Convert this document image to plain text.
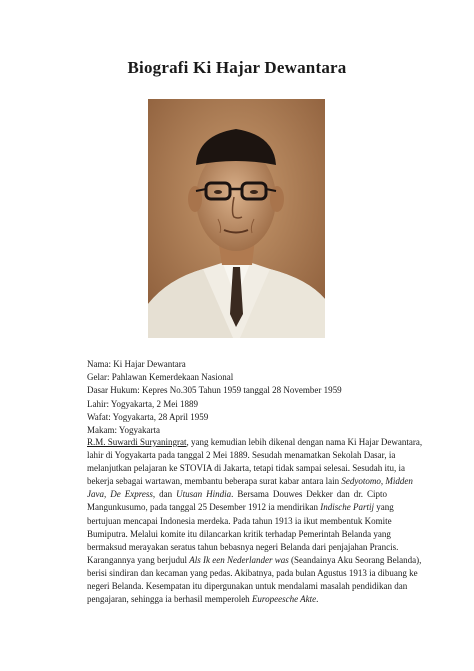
Biografi Ki Hajar Dewantara
Nama: Ki Hajar Dewantara
Gelar: Pahlawan Kemerdekaan Nasional
Dasar Hukum: Kepres No.305 Tahun 1959 tanggal 28 November 1959
Lahir: Yogyakarta, 2 Mei 1889
Wafat: Yogyakarta, 28 April 1959
Makam: Yogyakarta
R.M. Suwardi Suryaningrat, yang kemudian lebih dikenal dengan nama Ki Hajar Dewantara,
lahir di Yogyakarta pada tanggal 2 Mei 1889. Sesudah menamatkan Sekolah Dasar, ia
melanjutkan pelajaran ke STOVIA di Jakarta, tetapi tidak sampai selesai. Sesudah itu, ia
bekerja sebagai wartawan, membantu beberapa surat kabar antara lain Sedyotomo, Midden
Java, De Express, dan Utusan Hindia. Bersama Douwes Dekker dan dr. Cipto
Mangunkusumo, pada tanggal 25 Desember 1912 ia mendirikan Indische Partij yang
bertujuan mencapai Indonesia merdeka. Pada tahun 1913 ia ikut membentuk Komite
Bumiputra. Melalui komite itu dilancarkan kritik terhadap Pemerintah Belanda yang
bermaksud merayakan seratus tahun bebasnya negeri Belanda dari penjajahan Prancis.
Karangannya yang berjudul Als Ik een Nederlander was (Seandainya Aku Seorang Belanda),
berisi sindiran dan kecaman yang pedas. Akibatnya, pada bulan Agustus 1913 ia dibuang ke
negeri Belanda. Kesempatan itu dipergunakan untuk mendalami masalah pendidikan dan
pengajaran, sehingga ia berhasil memperoleh Europeesche Akte.
